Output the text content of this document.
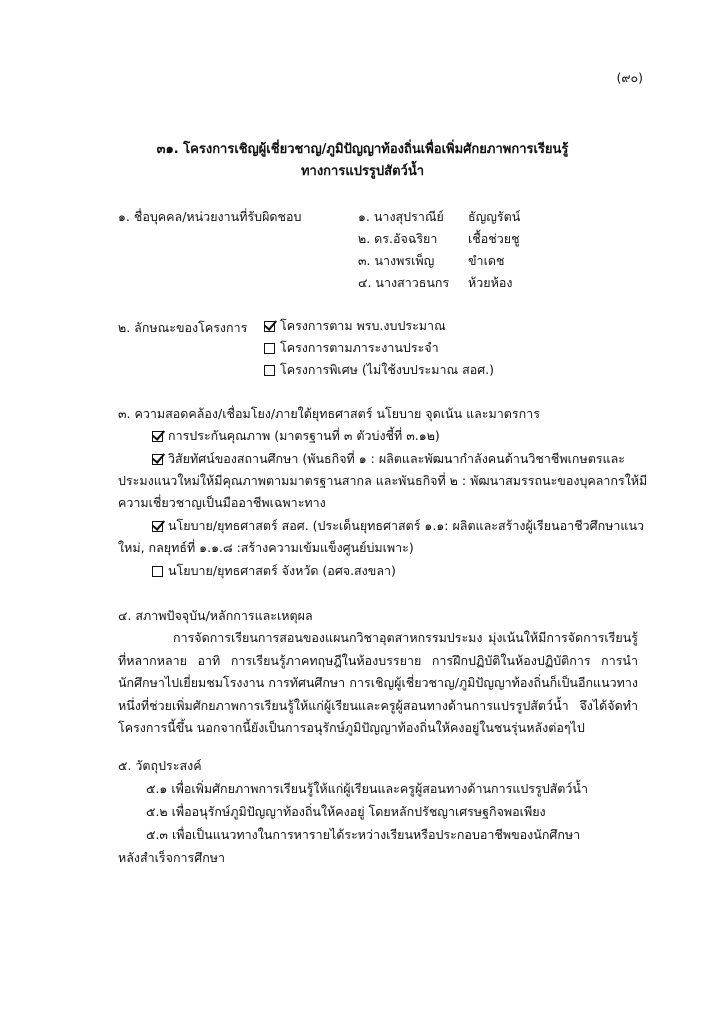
(๙๐)
๓๑. โครงการเชิญผู้เชี่ยวชาญ/ภูมิปัญญาท้องถิ่นเพื่อเพิ่มศักยภาพการเรียนรู้
ทางการแปรรูปสัตว์น้ำ
๑. ชื่อบุคคล/หน่วยงานที่รับผิดชอบ	๑. นางสุปราณีย์ ธัญญรัตน์
๒. ดร.อัจฉริยา เชื้อช่วยชู
๓. นางพรเพ็ญ	ขำเดช
๔. นางสาวธนกร ห้วยห้อง
๒. ลักษณะของโครงการ	โครงการตาม พรบ.งบประมาณ
โครงการตามภาระงานประจำ
โครงการพิเศษ (ไม่ใช้งบประมาณ สอศ.)
๓. ความสอดคล้อง/เชื่อมโยง/ภายใต้ยุทธศาสตร์ นโยบาย จุดเน้น และมาตรการ
การประกันคุณภาพ (มาตรฐานที่ ๓ ตัวบ่งชี้ที่ ๓.๑๒)
วิสัยทัศน์ของสถานศึกษา (พันธกิจที่ ๑ : ผลิตและพัฒนากำลังคนด้านวิชาชีพเกษตรและ
ประมงแนวใหม่ให้มีคุณภาพตามมาตรฐานสากล และพันธกิจที่ ๒ : พัฒนาสมรรถนะของบุคลากรให้มี
ความเชี่ยวชาญเป็นมืออาชีพเฉพาะทาง
นโยบาย/ยุทธศาสตร์ สอศ. (ประเด็นยุทธศาสตร์ ๑.๑: ผลิตและสร้างผู้เรียนอาชีวศึกษาแนว
ใหม่, กลยุทธ์ที่ ๑.๑.๘ :สร้างความเข้มแข็งศูนย์บ่มเพาะ)
นโยบาย/ยุทธศาสตร์ จังหวัด (อศจ.สงขลา)
๔. สภาพปัจจุบัน/หลักการและเหตุผล
การจัดการเรียนการสอนของแผนกวิชาอุตสาหกรรมประมง มุ่งเน้นให้มีการจัดการเรียนรู้ที่หลากหลาย อาทิ การเรียนรู้ภาคทฤษฎีในห้องบรรยาย การฝึกปฏิบัติในห้องปฏิบัติการ การนำนักศึกษาไปเยี่ยมชมโรงงาน การทัศนศึกษา การเชิญผู้เชี่ยวชาญ/ภูมิปัญญาท้องถิ่นก็เป็นอีกแนวทางหนึ่งที่ช่วยเพิ่มศักยภาพการเรียนรู้ให้แก่ผู้เรียนและครูผู้สอนทางด้านการแปรรูปสัตว์น้ำ จึงได้จัดทำโครงการนี้ขึ้น นอกจากนี้ยังเป็นการอนุรักษ์ภูมิปัญญาท้องถิ่นให้คงอยู่ในชนรุ่นหลังต่อๆไป
๕. วัตถุประสงค์
๕.๑ เพื่อเพิ่มศักยภาพการเรียนรู้ให้แก่ผู้เรียนและครูผู้สอนทางด้านการแปรรูปสัตว์น้ำ
๕.๒ เพื่ออนุรักษ์ภูมิปัญญาท้องถิ่นให้คงอยู่ โดยหลักปรัชญาเศรษฐกิจพอเพียง
๕.๓ เพื่อเป็นแนวทางในการหารายได้ระหว่างเรียนหรือประกอบอาชีพของนักศึกษา
หลังสำเร็จการศึกษา
